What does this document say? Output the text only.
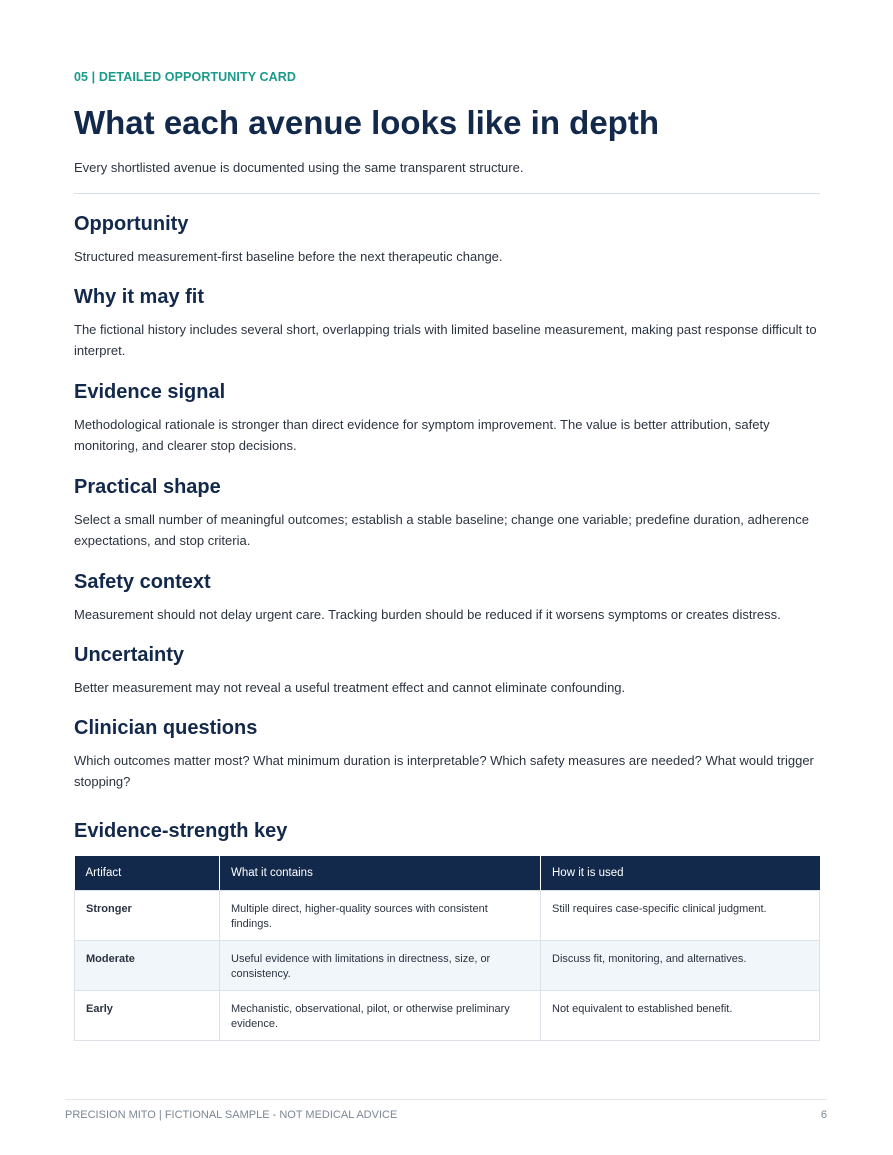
05 | DETAILED OPPORTUNITY CARD
What each avenue looks like in depth
Every shortlisted avenue is documented using the same transparent structure.
Opportunity

Structured measurement-first baseline before the next therapeutic change.

Why it may fit

The fictional history includes several short, overlapping trials with limited baseline measurement, making past response difficult to interpret.

Evidence signal

Methodological rationale is stronger than direct evidence for symptom improvement. The value is better attribution, safety monitoring, and clearer stop decisions.

Practical shape

Select a small number of meaningful outcomes; establish a stable baseline; change one variable; predefine duration, adherence expectations, and stop criteria.

Safety context

Measurement should not delay urgent care. Tracking burden should be reduced if it worsens symptoms or creates distress.

Uncertainty

Better measurement may not reveal a useful treatment effect and cannot eliminate confounding.

Clinician questions

Which outcomes matter most? What minimum duration is interpretable? Which safety measures are needed? What would trigger stopping?

Evidence-strength key
Artifact	What it contains	How it is used
Stronger	Multiple direct, higher-quality sources with consistent findings.	Still requires case-specific clinical judgment.
Moderate	Useful evidence with limitations in directness, size, or consistency.	Discuss fit, monitoring, and alternatives.
Early	Mechanistic, observational, pilot, or otherwise preliminary evidence.	Not equivalent to established benefit.
PRECISION MITO | FICTIONAL SAMPLE - NOT MEDICAL ADVICE	6
